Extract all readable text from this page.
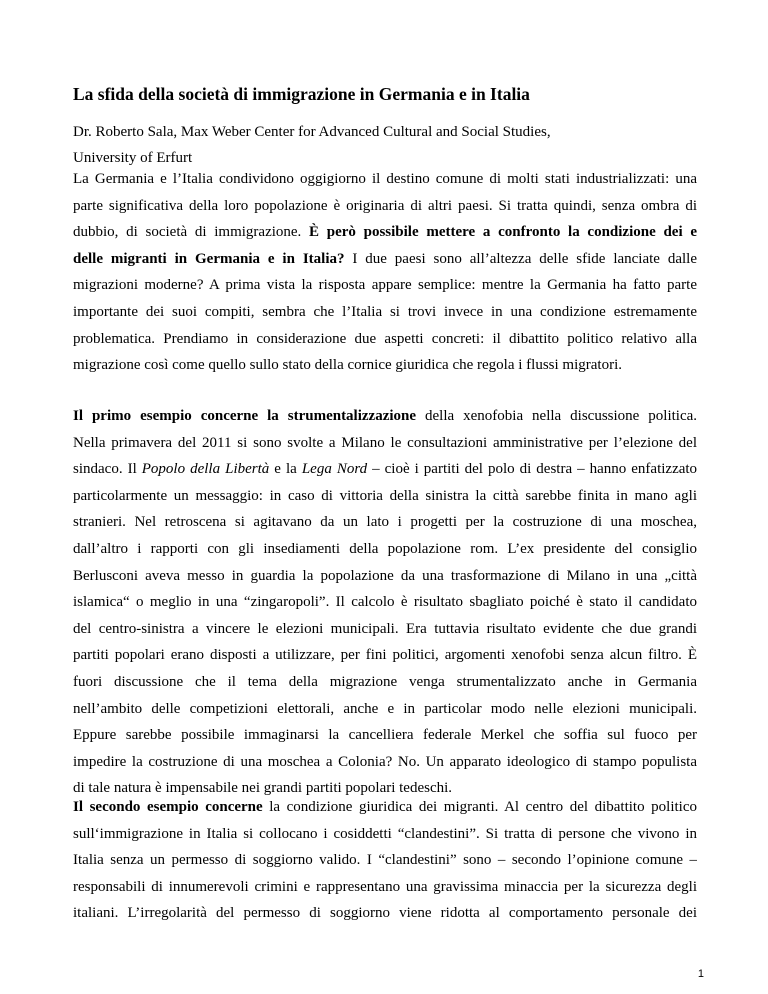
La sfida della società di immigrazione in Germania e in Italia
Dr. Roberto Sala, Max Weber Center for Advanced Cultural and Social Studies,
University of Erfurt
La Germania e l’Italia condividono oggigiorno il destino comune di molti stati industrializzati: una
parte significativa della loro popolazione è originaria di altri paesi. Si tratta quindi, senza ombra di
dubbio, di società di immigrazione. È però possibile mettere a confronto la condizione dei e
delle migranti in Germania e in Italia? I due paesi sono all’altezza delle sfide lanciate dalle
migrazioni moderne? A prima vista la risposta appare semplice: mentre la Germania ha fatto parte
importante dei suoi compiti, sembra che l’Italia si trovi invece in una condizione estremamente
problematica. Prendiamo in considerazione due aspetti concreti: il dibattito politico relativo alla
migrazione così come quello sullo stato della cornice giuridica che regola i flussi migratori.
Il primo esempio concerne la strumentalizzazione della xenofobia nella discussione politica.
Nella primavera del 2011 si sono svolte a Milano le consultazioni amministrative per l’elezione del
sindaco. Il Popolo della Libertà e la Lega Nord – cioè i partiti del polo di destra – hanno enfatizzato
particolarmente un messaggio: in caso di vittoria della sinistra la città sarebbe finita in mano agli
stranieri. Nel retroscena si agitavano da un lato i progetti per la costruzione di una moschea,
dall’altro i rapporti con gli insediamenti della popolazione rom. L’ex presidente del consiglio
Berlusconi aveva messo in guardia la popolazione da una trasformazione di Milano in una „città
islamica“ o meglio in una “zingaropoli”. Il calcolo è risultato sbagliato poiché è stato il candidato
del centro-sinistra a vincere le elezioni municipali. Era tuttavia risultato evidente che due grandi
partiti popolari erano disposti a utilizzare, per fini politici, argomenti xenofobi senza alcun filtro. È
fuori discussione che il tema della migrazione venga strumentalizzato anche in Germania
nell’ambito delle competizioni elettorali, anche e in particolar modo nelle elezioni municipali.
Eppure sarebbe possibile immaginarsi la cancelliera federale Merkel che soffia sul fuoco per
impedire la costruzione di una moschea a Colonia? No. Un apparato ideologico di stampo populista
di tale natura è impensabile nei grandi partiti popolari tedeschi.
Il secondo esempio concerne la condizione giuridica dei migranti. Al centro del dibattito politico
sull‘immigrazione in Italia si collocano i cosiddetti “clandestini”. Si tratta di persone che vivono in
Italia senza un permesso di soggiorno valido. I “clandestini” sono – secondo l’opinione comune –
responsabili di innumerevoli crimini e rappresentano una gravissima minaccia per la sicurezza degli
italiani. L’irregolarità del permesso di soggiorno viene ridotta al comportamento personale dei
1
